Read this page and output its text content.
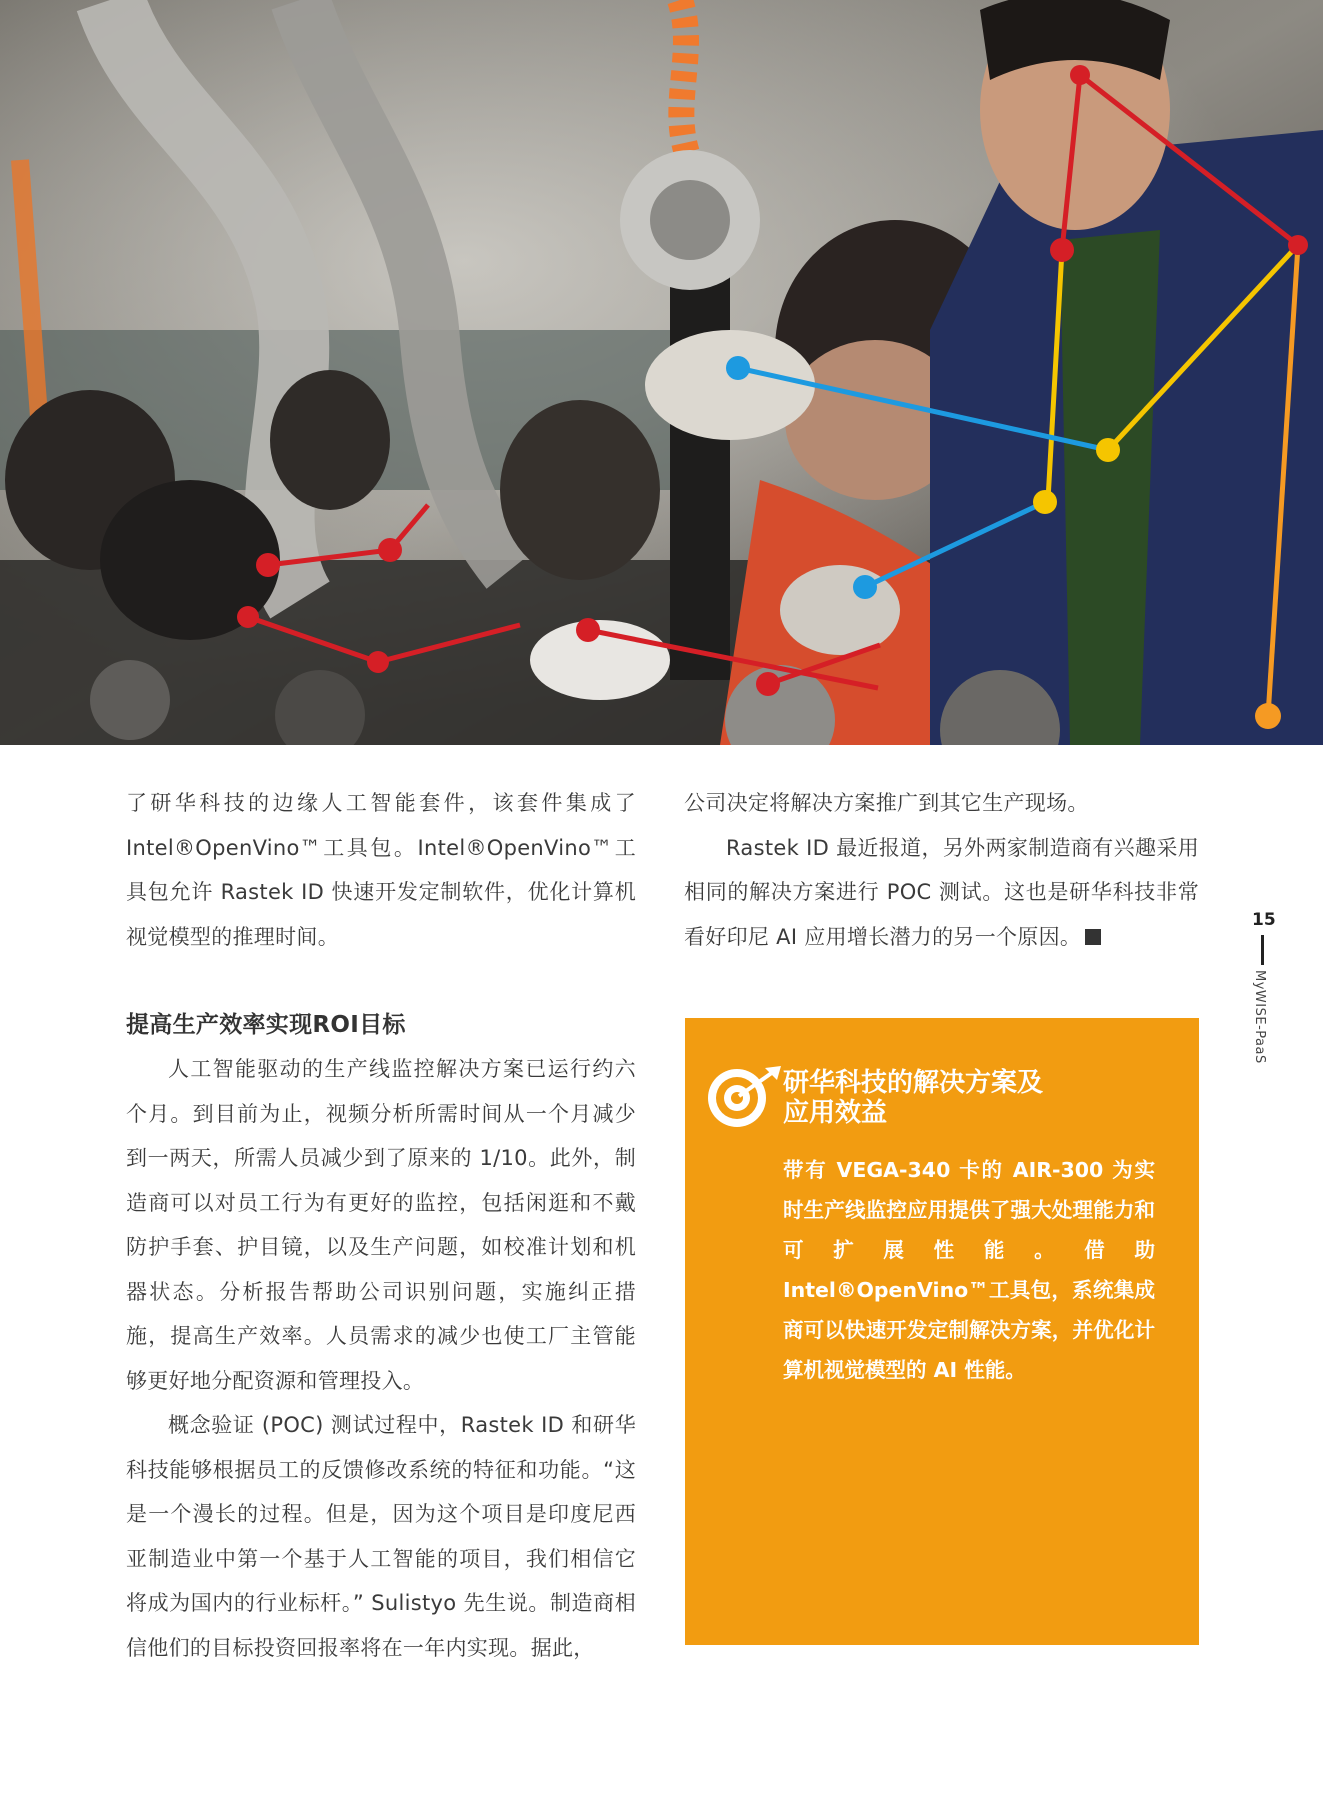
了研华科技的边缘人工智能套件，该套件集成了Intel®OpenVino™工具包。Intel®OpenVino™工具包允许 Rastek ID 快速开发定制软件，优化计算机视觉模型的推理时间。

提高生产效率实现ROI目标

人工智能驱动的生产线监控解决方案已运行约六个月。到目前为止，视频分析所需时间从一个月减少到一两天，所需人员减少到了原来的 1/10。此外，制造商可以对员工行为有更好的监控，包括闲逛和不戴防护手套、护目镜，以及生产问题，如校准计划和机器状态。分析报告帮助公司识别问题，实施纠正措施，提高生产效率。人员需求的减少也使工厂主管能够更好地分配资源和管理投入。

概念验证 (POC) 测试过程中，Rastek ID 和研华科技能够根据员工的反馈修改系统的特征和功能。“这是一个漫长的过程。但是，因为这个项目是印度尼西亚制造业中第一个基于人工智能的项目，我们相信它将成为国内的行业标杆。” Sulistyo 先生说。制造商相信他们的目标投资回报率将在一年内实现。据此，

公司决定将解决方案推广到其它生产现场。

Rastek ID 最近报道，另外两家制造商有兴趣采用相同的解决方案进行 POC 测试。这也是研华科技非常看好印尼 AI 应用增长潜力的另一个原因。

研华科技的解决方案及
应用效益
带有 VEGA-340 卡的 AIR-300 为实时生产线监控应用提供了强大处理能力和可扩展性能。借助 Intel®OpenVino™工具包，系统集成商可以快速开发定制解决方案，并优化计算机视觉模型的 AI 性能。
15
MyWISE-PaaS
